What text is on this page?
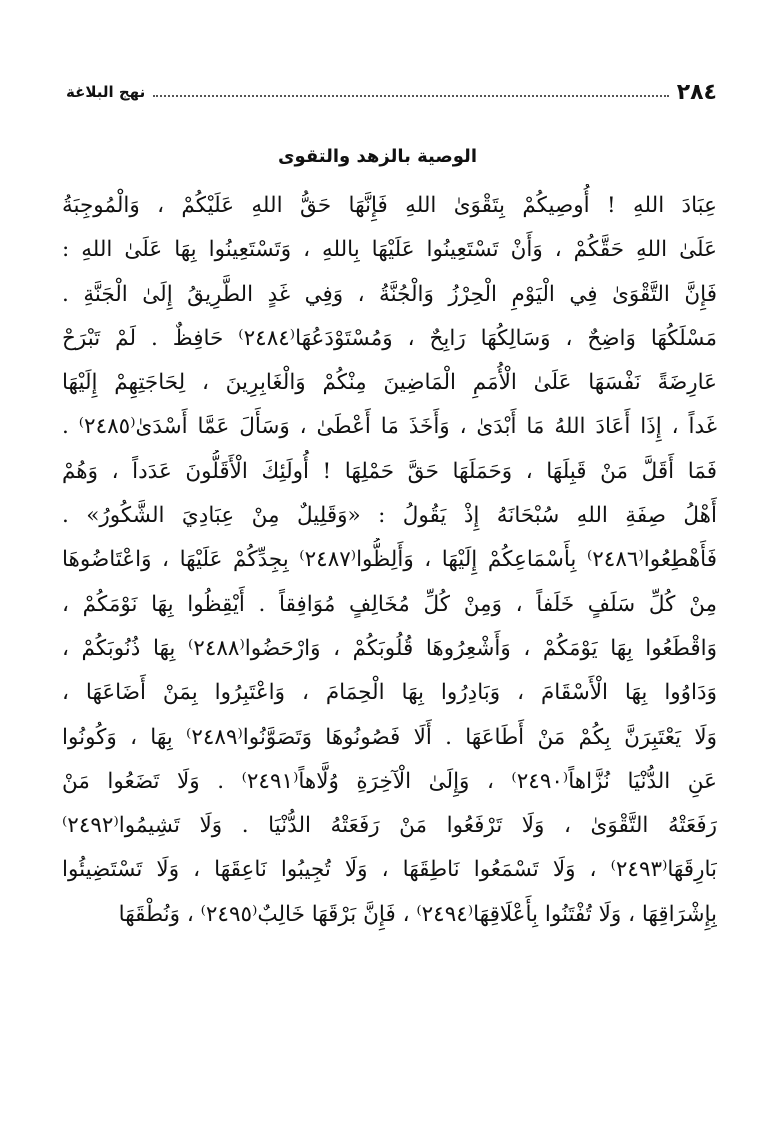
٢٨٤
نهج البلاغة
الوصية بالزهد والتقوى
عِبَادَ اللهِ ! أُوصِيكُمْ بِتَقْوَىٰ اللهِ فَإِنَّهَا حَقُّ اللهِ عَلَيْكُمْ ، وَالْمُوجِبَةُ
عَلَىٰ اللهِ حَقَّكُمْ ، وَأَنْ تَسْتَعِينُوا عَلَيْهَا بِاللهِ ، وَتَسْتَعِينُوا بِهَا عَلَىٰ اللهِ :
فَإِنَّ التَّقْوَىٰ فِي الْيَوْمِ الْحِرْزُ وَالْجُنَّةُ ، وَفِي غَدٍ الطَّرِيقُ إِلَىٰ الْجَنَّةِ .
مَسْلَكُهَا وَاضِحٌ ، وَسَالِكُهَا رَابِحٌ ، وَمُسْتَوْدَعُهَا⁽٢٤٨٤⁾ حَافِظٌ . لَمْ تَبْرَحْ
عَارِضَةً نَفْسَهَا عَلَىٰ الْأُمَمِ الْمَاضِينَ مِنْكُمْ وَالْغَابِرِينَ ، لِحَاجَتِهِمْ إِلَيْهَا
غَداً ، إِذَا أَعَادَ اللهُ مَا أَبْدَىٰ ، وَأَخَذَ مَا أَعْطَىٰ ، وَسَأَلَ عَمَّا أَسْدَىٰ⁽٢٤٨٥⁾ .
فَمَا أَقَلَّ مَنْ قَبِلَهَا ، وَحَمَلَهَا حَقَّ حَمْلِهَا ! أُولَئِكَ الْأَقَلُّونَ عَدَداً ، وَهُمْ
أَهْلُ صِفَةِ اللهِ سُبْحَانَهُ إِذْ يَقُولُ : «وَقَلِيلٌ مِنْ عِبَادِيَ الشَّكُورُ» .
فَأَهْطِعُوا⁽٢٤٨٦⁾ بِأَسْمَاعِكُمْ إِلَيْهَا ، وَأَلِظُّوا⁽٢٤٨٧⁾ بِجِدِّكُمْ عَلَيْهَا ، وَاعْتَاضُوهَا
مِنْ كُلِّ سَلَفٍ خَلَفاً ، وَمِنْ كُلِّ مُخَالِفٍ مُوَافِقاً . أَيْقِظُوا بِهَا نَوْمَكُمْ ،
وَاقْطَعُوا بِهَا يَوْمَكُمْ ، وَأَشْعِرُوهَا قُلُوبَكُمْ ، وَارْحَضُوا⁽٢٤٨٨⁾ بِهَا ذُنُوبَكُمْ ،
وَدَاوُوا بِهَا الْأَسْقَامَ ، وَبَادِرُوا بِهَا الْحِمَامَ ، وَاعْتَبِرُوا بِمَنْ أَضَاعَهَا ،
وَلَا يَعْتَبِرَنَّ بِكُمْ مَنْ أَطَاعَهَا . أَلَا فَصُونُوهَا وَتَصَوَّنُوا⁽٢٤٨٩⁾ بِهَا ، وَكُونُوا
عَنِ الدُّنْيَا نُزَّاهاً⁽٢٤٩٠⁾ ، وَإِلَىٰ الْآخِرَةِ وُلَّاهاً⁽٢٤٩١⁾ . وَلَا تَضَعُوا مَنْ
رَفَعَتْهُ التَّقْوَىٰ ، وَلَا تَرْفَعُوا مَنْ رَفَعَتْهُ الدُّنْيَا . وَلَا تَشِيمُوا⁽٢٤٩٢⁾
بَارِقَهَا⁽٢٤٩٣⁾ ، وَلَا تَسْمَعُوا نَاطِقَهَا ، وَلَا تُجِيبُوا نَاعِقَهَا ، وَلَا تَسْتَضِيئُوا
بِإِشْرَاقِهَا ، وَلَا تُفْتَنُوا بِأَعْلَاقِهَا⁽٢٤٩٤⁾ ، فَإِنَّ بَرْقَهَا خَالِبٌ⁽٢٤٩٥⁾ ، وَنُطْقَهَا
